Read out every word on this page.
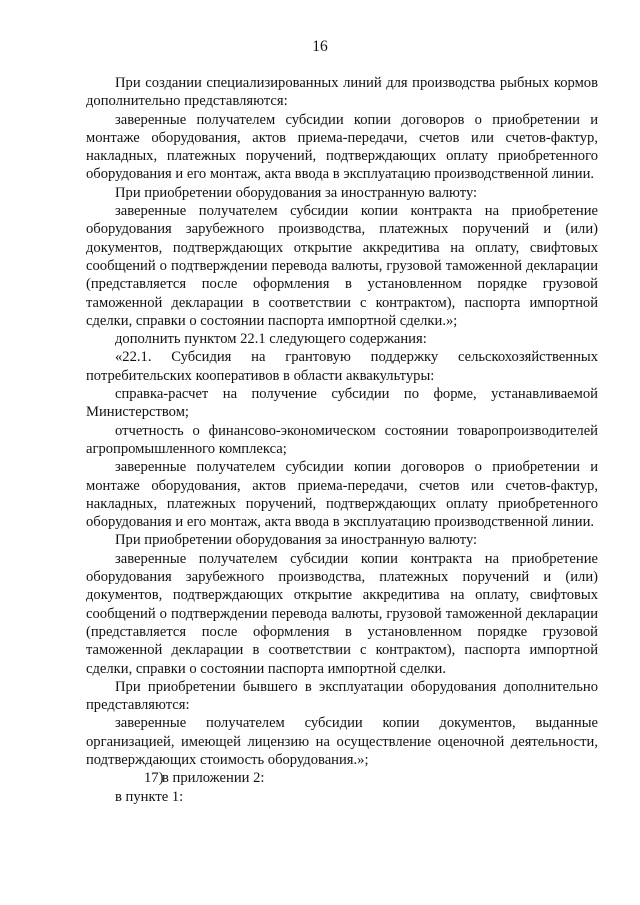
16

При создании специализированных линий для производства рыбных кормов дополнительно представляются:

заверенные получателем субсидии копии договоров о приобретении и монтаже оборудования, актов приема-передачи, счетов или счетов-фактур, накладных, платежных поручений, подтверждающих оплату приобретенного оборудования и его монтаж, акта ввода в эксплуатацию производственной линии.

При приобретении оборудования за иностранную валюту:

заверенные получателем субсидии копии контракта на приобретение оборудования зарубежного производства, платежных поручений и (или) документов, подтверждающих открытие аккредитива на оплату, свифтовых сообщений о подтверждении перевода валюты, грузовой таможенной декларации (представляется после оформления в установленном порядке грузовой таможенной декларации в соответствии с контрактом), паспорта импортной сделки, справки о состоянии паспорта импортной сделки.»;

дополнить пунктом 22.1 следующего содержания:

«22.1. Субсидия на грантовую поддержку сельскохозяйственных потребительских кооперативов в области аквакультуры:

справка-расчет на получение субсидии по форме, устанавливаемой Министерством;

отчетность о финансово-экономическом состоянии товаропроизводителей агропромышленного комплекса;

заверенные получателем субсидии копии договоров о приобретении и монтаже оборудования, актов приема-передачи, счетов или счетов-фактур, накладных, платежных поручений, подтверждающих оплату приобретенного оборудования и его монтаж, акта ввода в эксплуатацию производственной линии.

При приобретении оборудования за иностранную валюту:

заверенные получателем субсидии копии контракта на приобретение оборудования зарубежного производства, платежных поручений и (или) документов, подтверждающих открытие аккредитива на оплату, свифтовых сообщений о подтверждении перевода валюты, грузовой таможенной декларации (представляется после оформления в установленном порядке грузовой таможенной декларации в соответствии с контрактом), паспорта импортной сделки, справки о состоянии паспорта импортной сделки.

При приобретении бывшего в эксплуатации оборудования дополнительно представляются:

заверенные получателем субсидии копии документов, выданные организацией, имеющей лицензию на осуществление оценочной деятельности, подтверждающих стоимость оборудования.»;

17)в приложении 2:

в пункте 1:
